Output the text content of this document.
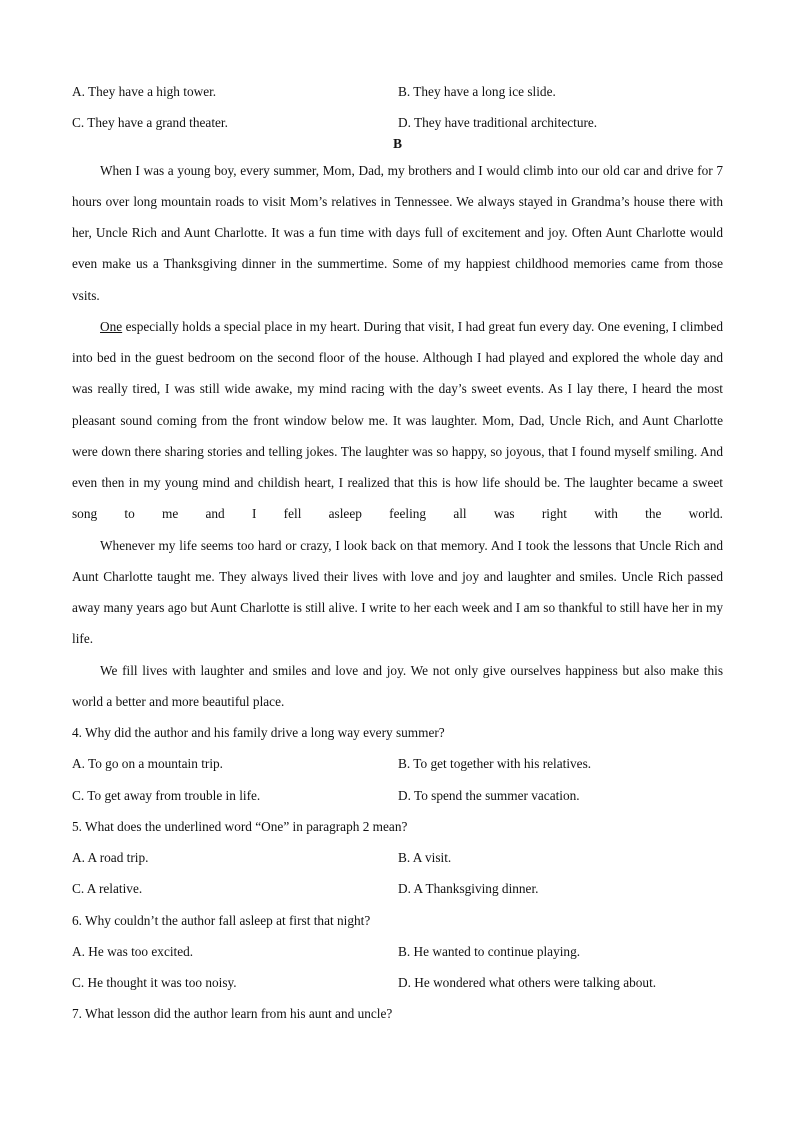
A. They have a high tower.	B. They have a long ice slide.
C. They have a grand theater.	D. They have traditional architecture.
B

When I was a young boy, every summer, Mom, Dad, my brothers and I would climb into our old car and drive for 7 hours over long mountain roads to visit Mom’s relatives in Tennessee. We always stayed in Grandma’s house there with her, Uncle Rich and Aunt Charlotte. It was a fun time with days full of excitement and joy. Often Aunt Charlotte would even make us a Thanksgiving dinner in the summertime. Some of my happiest childhood memories came from those vsits.

One especially holds a special place in my heart. During that visit, I had great fun every day. One evening, I climbed into bed in the guest bedroom on the second floor of the house. Although I had played and explored the whole day and was really tired, I was still wide awake, my mind racing with the day’s sweet events. As I lay there, I heard the most pleasant sound coming from the front window below me. It was laughter. Mom, Dad, Uncle Rich, and Aunt Charlotte were down there sharing stories and telling jokes. The laughter was so happy, so joyous, that I found myself smiling. And even then in my young mind and childish heart, I realized that this is how life should be. The laughter became a sweet song to me and I fell asleep feeling all was right with the world.

Whenever my life seems too hard or crazy, I look back on that memory. And I took the lessons that Uncle Rich and Aunt Charlotte taught me. They always lived their lives with love and joy and laughter and smiles. Uncle Rich passed away many years ago but Aunt Charlotte is still alive. I write to her each week and I am so thankful to still have her in my life.

We fill lives with laughter and smiles and love and joy. We not only give ourselves happiness but also make this world a better and more beautiful place.

4. Why did the author and his family drive a long way every summer?
A. To go on a mountain trip.	B. To get together with his relatives.
C. To get away from trouble in life.	D. To spend the summer vacation.
5. What does the underlined word “One” in paragraph 2 mean?
A. A road trip.	B. A visit.
C. A relative.	D. A Thanksgiving dinner.
6. Why couldn’t the author fall asleep at first that night?
A. He was too excited.	B. He wanted to continue playing.
C. He thought it was too noisy.	D. He wondered what others were talking about.
7. What lesson did the author learn from his aunt and uncle?
